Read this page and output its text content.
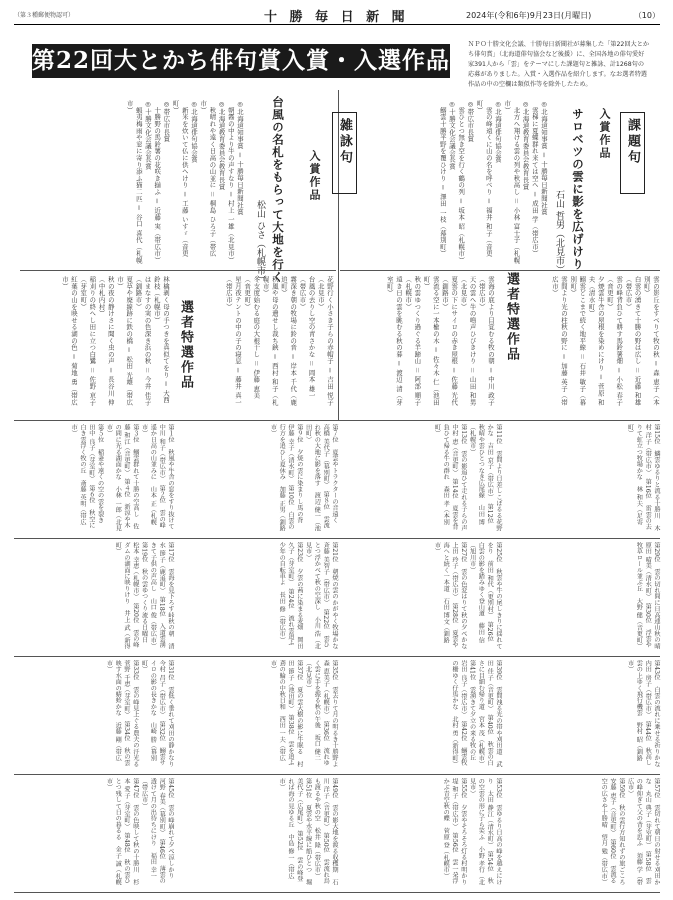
（第３種郵便物認可）	十 勝 毎 日 新 聞	2024年(令和6年)9月23日(月曜日)	（10）
第22回大とかち俳句賞入賞・入選作品
ＮＰＯ十勝文化会議、十勝毎日新聞社が募集した「第22回大とかち俳句賞」（北海道俳句協会など後援）に、全国各地の俳句愛好家391人から「雲」をテーマにした課題句と雑詠、計1268句の応募がありました。入賞・入選作品を紹介します。なお選者特選作品の中の空欄は類似作等を除外したため。
課題句
入賞作品
サロベツの雲に影を広げけり
石山 哲男（北見市）
◎北海道知事賞 ＝ 十勝毎日新聞社賞
　雲梯に夏蝶群れ来ては空へ ＝ 成田 学（帯広市）
◎北海道教育委員会教育長賞
　北方へ翔ける雲の列や秋高し ＝ 小林 富士子（札幌市）
◎北海道俳句協会賞
　雲の峰遠くに山の名を呼べり ＝ 福井 和子（音更町）
◎帯広市長賞
　雲ひとつ無き空を行く鶴の列 ＝ 坂本 昭（札幌市）
◎十勝文化会議会長賞
　鰯雲十勝平野を覆ひけり ＝ 澤田 一枝（幕別町）
選者特選作品
雲海の底より目覚むる牧の朝 ＝ 中川 政子（帯広市）
天の雲へ牛の鳴声ひびきけり ＝ 山田 和男（北見市）
夏雲の下にサイロの赤き屋根 ＝ 佐藤 光代（釧路市）
雲流る空に一本楡の木 ＝ 佐々木 仁（池田町）
秋の雲ゆつくり過ぐる羊蹄山 ＝ 阿部 順子（札幌市）
遠き日の雲を眺むる秋の暮 ＝ 渡辺 清（芽室町）	雲の影丘をすべりて牧の秋 ＝ 森 恵子（本別町）
白雲の湧きて十勝の野は広し ＝ 近藤 和雄（帯広市）
雲の峰背負ひて耕す馬鈴薯畑 ＝ 小松 春子（音更町）
夕焼雲牛舎の屋根を染めにけり ＝ 菅原 和夫（清水町）
鰯雲どこまで続く地平線 ＝ 石井 敏子（幕別町）
雲間より光の柱秋の野に ＝ 加藤 英子（帯広市）
雑詠句
入賞作品
台風の名札をもらって大地を行く
松山 ひさ（札幌市）
◎北海道知事賞 ＝ 十勝毎日新聞社賞
　朝霧の中より牛の声すなり ＝ 村上 一雄（北見市）
◎北海道教育委員会教育長賞
　秋晴れや遠く日高の山並に ＝ 桐島 ひろ子（帯広市）
◎北海道俳句協会賞
　新米を炊いて仏に供へけり ＝ 工藤 いすゞ（音更町）
◎帯広市長賞
　十勝野の馬鈴薯の花咲き揃ふ ＝ 近藤 実（帯広市）
◎十勝文化会議会長賞
　蝦夷梅雨や窓に寄り添ふ猫二匹 ＝ 谷口 喜代（札幌市）
選者特選作品
林檎剥く母の手つきを真似てをり ＝ 大西 鈴枝（札幌市）
はまなすの実の色深き浜の秋 ＝ 今井 佳子（釧路市）
夏草や廃線跡に鉄の橋 ＝ 松田 光雄（帯広市）
秋の夜の静けさに聞く虫の声 ＝ 長谷川 伸（中札内村）
稲刈りの終へし田に立つ白鷺 ＝ 佐野 京子（芽室町）
紅葉の山を映せる湖の色 ＝ 菊地 勇（帯広市）	花野行く小さき子らの赤帽子 ＝ 吉田 悦子（北見市）
台風の去りし空の青さかな ＝ 岡本 雄一（帯広市）
霧深き朝の牧場に鈴の音 ＝ 岸本 千代（鹿追町）
秋風や母の遺せし裁ち鋏 ＝ 西村 和子（札幌市）
冬支度始むる庭の大根干し ＝ 伊藤 恵美（音更町）
星月夜テントの中の子の寝息 ＝ 藤井 真一（帯広市）
第１位　秋風や牛舎の窓をすり抜けて　中川 和子（帯広市）　第２位　雲の峰遥か日高の山並みに　山本 正（札幌市）
第３位　鰯雲群れて十勝の空高し　佐藤 和江（音更町）　第４位　新涼や木の間に光る湖面かな　小林 一郎（北見市）
第５位　稲妻や遠くの空の雲を裂き　田中 良子（芽室町）　第６位　秋空に白き雲浮く牧の丘　斎藤 英明（帯広市）	第７位　夏雲やトラクターの音遠く　高橋 美代子（幕別町）　第８位　雲流れ秋の大地に影を落す　渡辺 健一（池田町）
第９位　夕焼の雲に染まりし馬の背　伊藤 幸子（清水町）　第10位　白雲の行方を追ひし夏休み　加藤 正男（釧路市）	第11位　雲間より日差しこぼるる花野かな　吉田 京子（帯広市）　第12位　秋晴や雲ひとつなき広尾線　山田 博（札幌市）
第13位　雲の影追ひて走れる子らの声　中村 恵（音更町）　第14位　夏雲を背負ひて帰る牛の群れ　森田 孝（本別町）	第15位　鱗雲ゆるりと流る十勝川　木村 洋子（帯広市）　第16位　雷雲の去りて虹立つ牧場かな　林 和夫（足寄町）
第17位　雲海を見下ろす峠秋の朝　清水 節子（鹿追町）　第18位　入道雲湧きて子供の声高し　山口 俊（帯広市）
第19位　秋の雲ゆつくり流る日曜日　松本 幸恵（札幌市）　第20位　雲の峰ダムの湖面に映りけり　井上 武（新得町）	第21位　朝焼の雲のかがやく牧場かな　斉藤 美智子（帯広市）　第22位　雲ひとつ浮かべて秋の空深し　小川 浩（北見市）
第23位　夕雲の茜に染まる麦畑　岡田 久子（芽室町）　第24位　流れ雲追ふ少年の自転車よ　長田 修（帯広市）	第25位　秋雲や牛の尾しきりに揺れてをり　前田 和代（更別村）　第26位　白雲の影を踏みゆく登山道　藤田 信（旭川市）
第27位　雲の色変はりて秋の夕べかな　上田 玲子（帯広市）　第28位　夏雲や海へと続く一本道　石田 博文（釧路市）	第29位　雲の切れ間に日高連山秋の晴　原田 晴美（清水町）　第30位　浮雲や牧草ロール並ぶ丘　大野 健（音更町）
第31位　雲低く垂れて刈田の静かなり　今村 昌子（帯広市）　第32位　鰯雲サイロの影の長きかな　山崎 勝（幕別町）
第33位　雲の峰見上ぐる農夫の汗光る　菅野 千恵（芽室町）　第34位　秋の雲映す水面の蜻蛉かな　近藤 剛（帯広市）	第35位　雲去りて月の明るき十勝野よ　森 恵美子（札幌市）　第36位　流れゆく雲に手を振る秋の午後　坂口 健二（北見市）
第37位　夏の雲大樹の影に牛眠る　村田 節子（池田町）　第38位　雲を追ふ鳶の輪の中秋日和　西田 一夫（帯広市）	第39位　雲間洩る光の帯や刈田道　武田 佳子（音更町）　第40位　秋雲の白さに目細む帰り道　宮本 茂（札幌市）
第41位　雲湧きて夕立の来る牧の丘　岩田 良子（帯広市）　第42位　鰯雲牧の柵ゆく仔馬かな　北村 勇（新得町）	第43位　白雲の流れに乗せる祈りかな　内田 房子（帯広市）　第44位　秋高し雲の上ゆく飛行機雲　野村 昭（釧路市）
第45位　雲の峰崩れて夕べ涼しかり　河野 春美（幕別町）　第46位　薄雲の透けて月の出待ちにけり　福田 幸一（帯広市）
第47位　雲の色映して秋の十勝川　杉本 愛子（芽室町）　第48位　秋の雲ひとつ残して日の暮るる　金子 誠（札幌市）	第49位　雲の影大地を渡る収穫期　石川 洋子（音更町）　第50位　雲流れ鳥も渡るや秋の空　松井 隆（帯広市）
第51位　夏雲や水平線に船ひとつ　堀 美代子（広尾町）　第52位　雲の峰登れば海の見ゆる丘　中島 修一（帯広市）	第53位　雲ゆるり日高の峰を越えにけり　太田 静江（清水町）　第54位　秋の空雲の形に子ら笑ふ　小野 孝行（北見市）
第55位　夕雲やそろそろ灯る村明かり　堤 和子（帯広市）　第56位　雲一朶浮かぶ青空秋の蝶　菅原 登（札幌市）	第57位　雲切れて朝日の射せる刈田かな　丸山 典子（芽室町）　第58位　雲の峰仰ぎて父の背を思ふ　須藤 学（帯広市）
第59位　秋の雲行方知れずの旅ごころ　安藤 恵子（音更町）　第60位　雲流る空の広さや十勝晴　望月 勉（帯広市）
